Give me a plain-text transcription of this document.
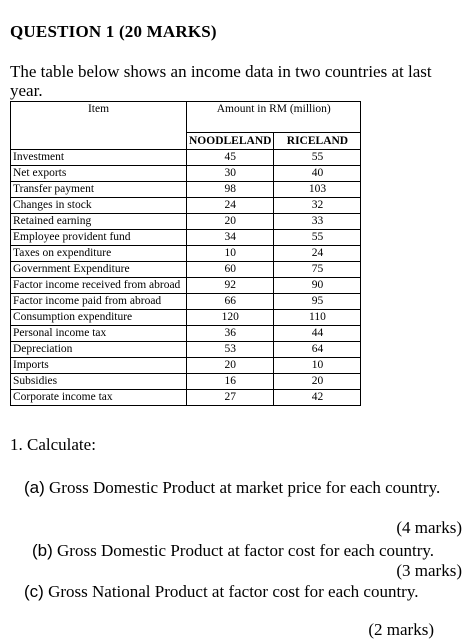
QUESTION 1 (20 MARKS)
The table below shows an income data in two countries at last year.
Item	Amount in RM (million)	
	NOODLELAND	RICELAND
Investment	45	55
Net exports	30	40
Transfer payment	98	103
Changes in stock	24	32
Retained earning	20	33
Employee provident fund	34	55
Taxes on expenditure	10	24
Government Expenditure	60	75
Factor income received from abroad	92	90
Factor income paid from abroad	66	95
Consumption expenditure	120	110
Personal income tax	36	44
Depreciation	53	64
Imports	20	10
Subsidies	16	20
Corporate income tax	27	42
1. Calculate:
(a) Gross Domestic Product at market price for each country.
(4 marks)
(b) Gross Domestic Product at factor cost for each country.
(3 marks)
(c) Gross National Product at factor cost for each country.
(2 marks)
